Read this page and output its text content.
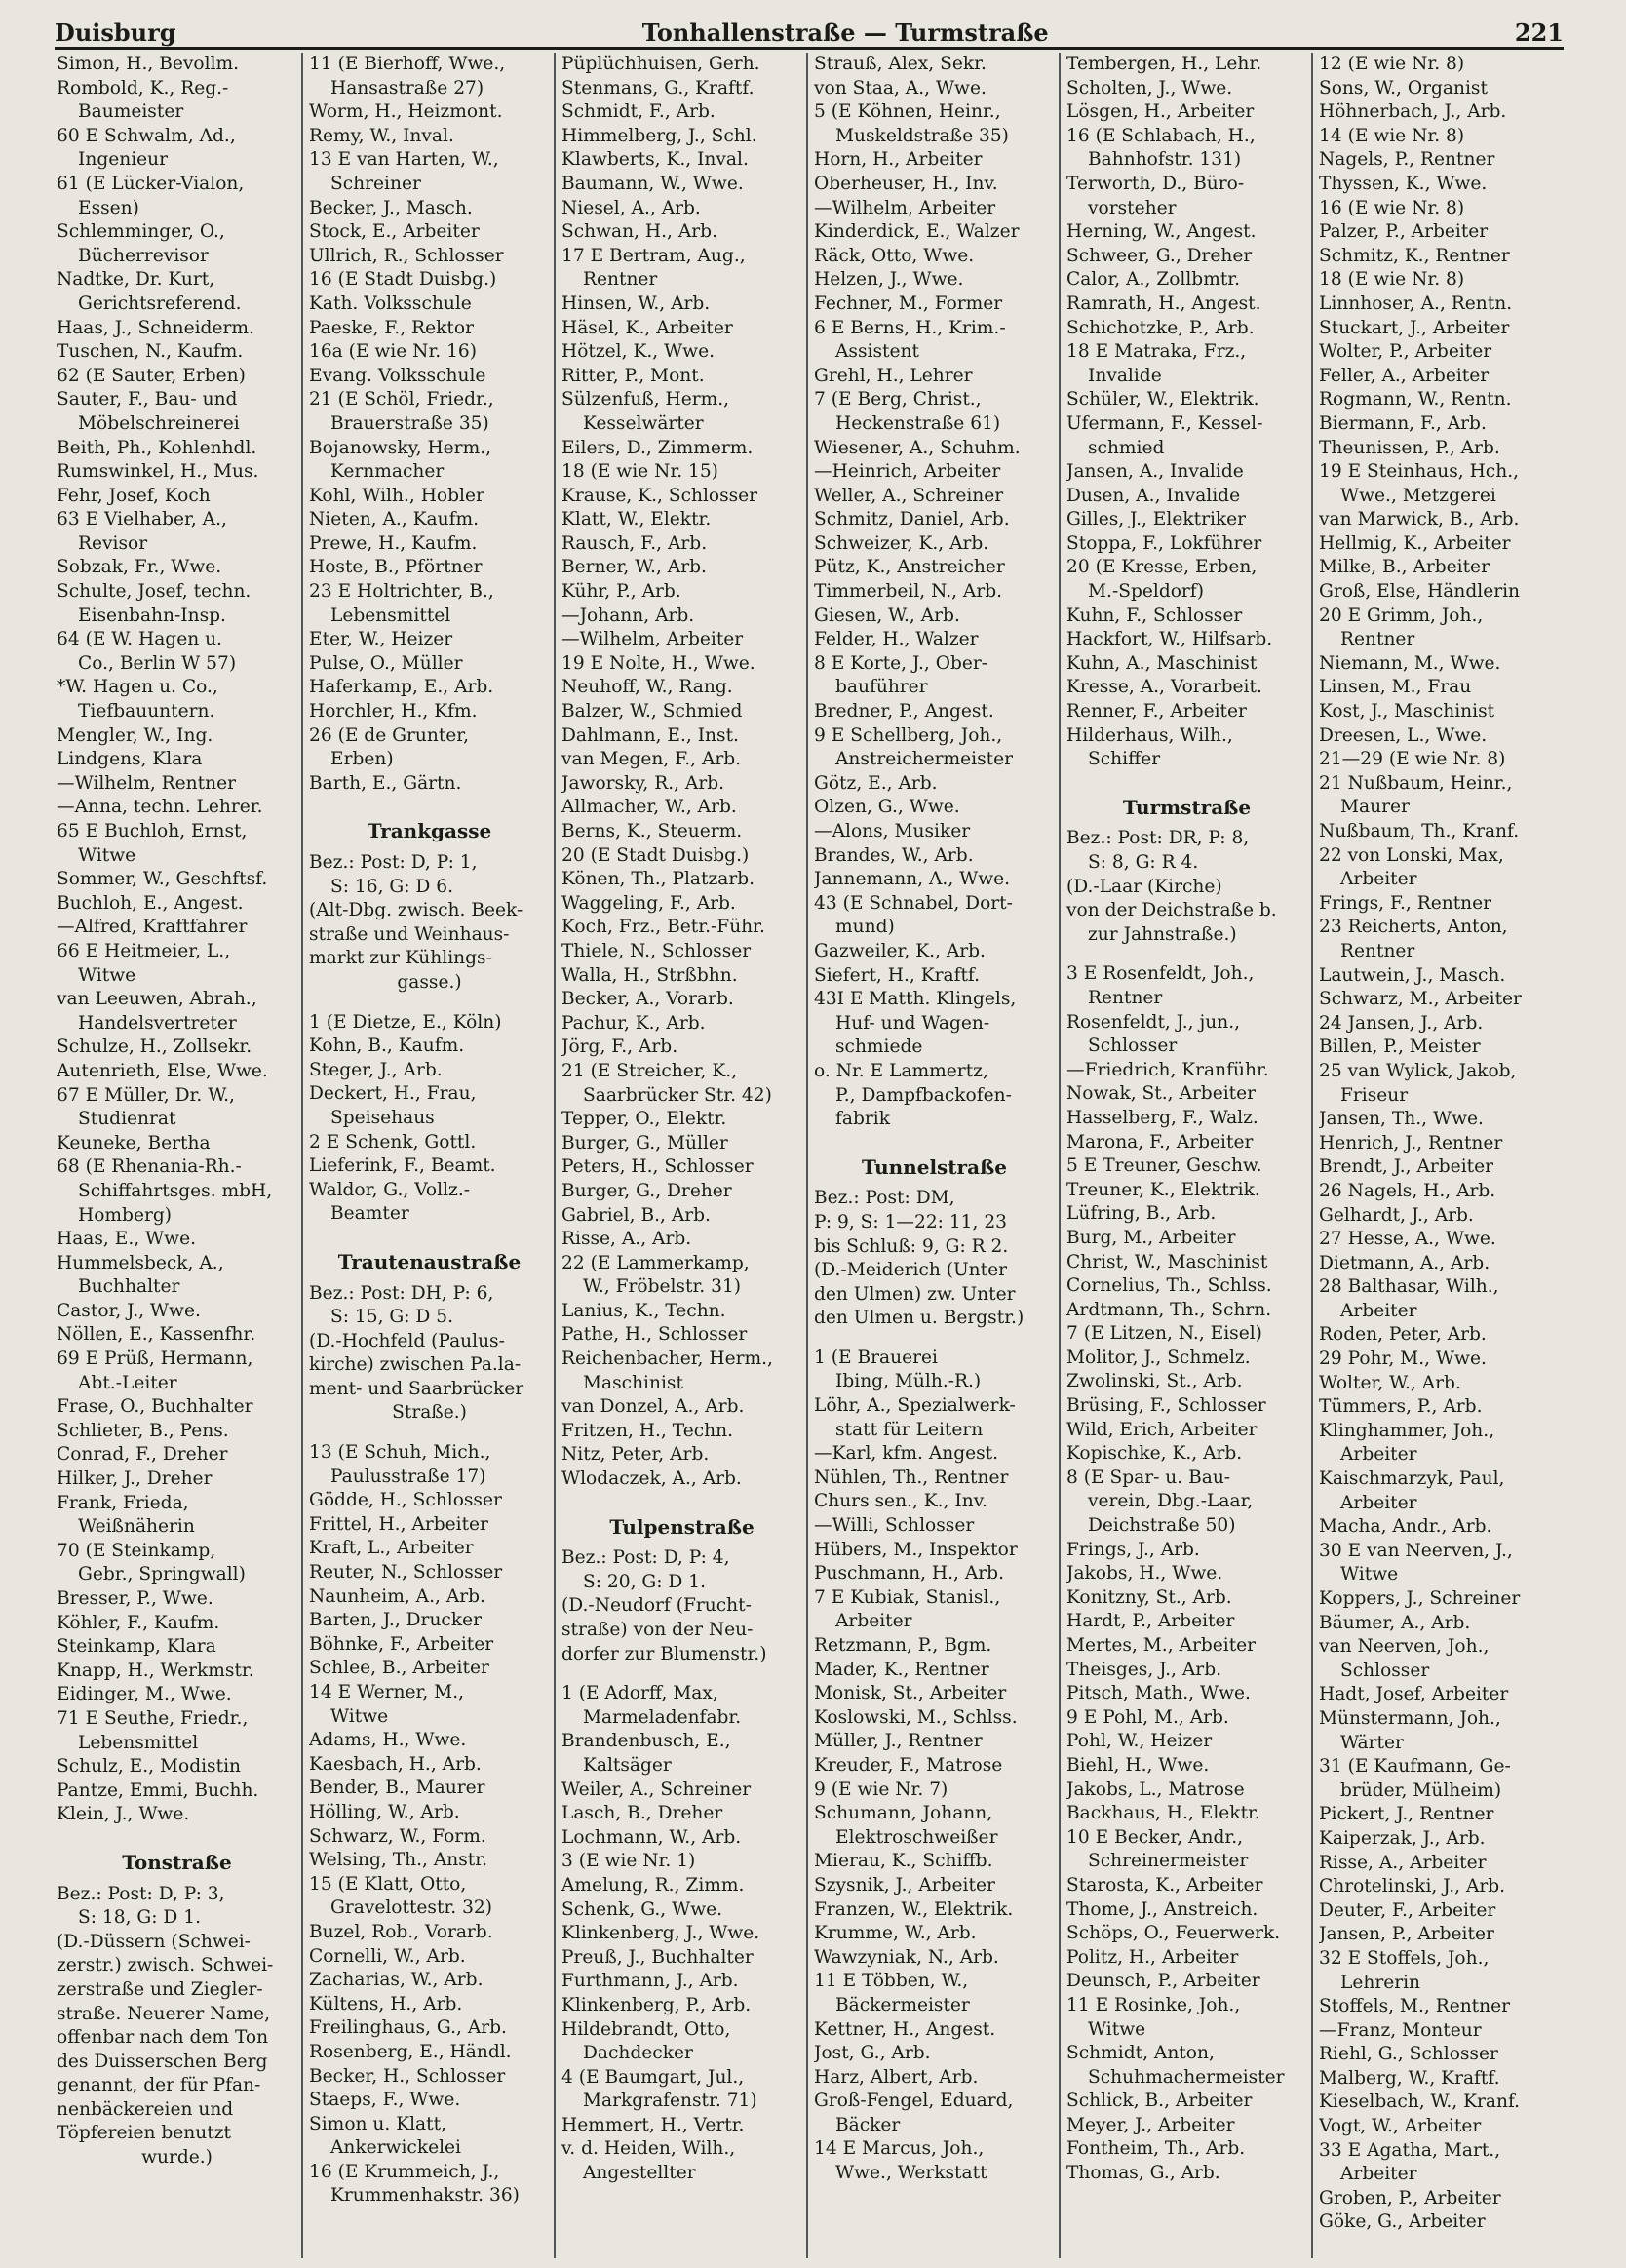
Duisburg	Tonhallenstraße — Turmstraße	221
Simon, H., Bevollm.
Rombold, K., Reg.-
Baumeister
60 E Schwalm, Ad.,
Ingenieur
61 (E Lücker-Vialon,
Essen)
Schlemminger, O.,
Bücherrevisor
Nadtke, Dr. Kurt,
Gerichtsreferend.
Haas, J., Schneiderm.
Tuschen, N., Kaufm.
62 (E Sauter, Erben)
Sauter, F., Bau- und
Möbelschreinerei
Beith, Ph., Kohlenhdl.
Rumswinkel, H., Mus.
Fehr, Josef, Koch
63 E Vielhaber, A.,
Revisor
Sobzak, Fr., Wwe.
Schulte, Josef, techn.
Eisenbahn-Insp.
64 (E W. Hagen u.
Co., Berlin W 57)
*W. Hagen u. Co.,
Tiefbauuntern.
Mengler, W., Ing.
Lindgens, Klara
—Wilhelm, Rentner
—Anna, techn. Lehrer.
65 E Buchloh, Ernst,
Witwe
Sommer, W., Geschftsf.
Buchloh, E., Angest.
—Alfred, Kraftfahrer
66 E Heitmeier, L.,
Witwe
van Leeuwen, Abrah.,
Handelsvertreter
Schulze, H., Zollsekr.
Autenrieth, Else, Wwe.
67 E Müller, Dr. W.,
Studienrat
Keuneke, Bertha
68 (E Rhenania-Rh.-
Schiffahrtsges. mbH,
Homberg)
Haas, E., Wwe.
Hummelsbeck, A.,
Buchhalter
Castor, J., Wwe.
Nöllen, E., Kassenfhr.
69 E Prüß, Hermann,
Abt.-Leiter
Frase, O., Buchhalter
Schlieter, B., Pens.
Conrad, F., Dreher
Hilker, J., Dreher
Frank, Frieda,
Weißnäherin
70 (E Steinkamp,
Gebr., Springwall)
Bresser, P., Wwe.
Köhler, F., Kaufm.
Steinkamp, Klara
Knapp, H., Werkmstr.
Eidinger, M., Wwe.
71 E Seuthe, Friedr.,
Lebensmittel
Schulz, E., Modistin
Pantze, Emmi, Buchh.
Klein, J., Wwe.
Tonstraße
Bez.: Post: D, P: 3,
S: 18, G: D 1.
(D.-Düssern (Schwei-
zerstr.) zwisch. Schwei-
zerstraße und Ziegler-
straße. Neuerer Name,
offenbar nach dem Ton
des Duisserschen Berg
genannt, der für Pfan-
nenbäckereien und
Töpfereien benutzt
wurde.)
11 (E Bierhoff, Wwe.,
Hansastraße 27)
Worm, H., Heizmont.
Remy, W., Inval.
13 E van Harten, W.,
Schreiner
Becker, J., Masch.
Stock, E., Arbeiter
Ullrich, R., Schlosser
16 (E Stadt Duisbg.)
Kath. Volksschule
Paeske, F., Rektor
16a (E wie Nr. 16)
Evang. Volksschule
21 (E Schöl, Friedr.,
Brauerstraße 35)
Bojanowsky, Herm.,
Kernmacher
Kohl, Wilh., Hobler
Nieten, A., Kaufm.
Prewe, H., Kaufm.
Hoste, B., Pförtner
23 E Holtrichter, B.,
Lebensmittel
Eter, W., Heizer
Pulse, O., Müller
Haferkamp, E., Arb.
Horchler, H., Kfm.
26 (E de Grunter,
Erben)
Barth, E., Gärtn.
Trankgasse
Bez.: Post: D, P: 1,
S: 16, G: D 6.
(Alt-Dbg. zwisch. Beek-
straße und Weinhaus-
markt zur Kühlings-
gasse.)
1 (E Dietze, E., Köln)
Kohn, B., Kaufm.
Steger, J., Arb.
Deckert, H., Frau,
Speisehaus
2 E Schenk, Gottl.
Lieferink, F., Beamt.
Waldor, G., Vollz.-
Beamter
Trautenaustraße
Bez.: Post: DH, P: 6,
S: 15, G: D 5.
(D.-Hochfeld (Paulus-
kirche) zwischen Pa.la-
ment- und Saarbrücker
Straße.)
13 (E Schuh, Mich.,
Paulusstraße 17)
Gödde, H., Schlosser
Frittel, H., Arbeiter
Kraft, L., Arbeiter
Reuter, N., Schlosser
Naunheim, A., Arb.
Barten, J., Drucker
Böhnke, F., Arbeiter
Schlee, B., Arbeiter
14 E Werner, M.,
Witwe
Adams, H., Wwe.
Kaesbach, H., Arb.
Bender, B., Maurer
Hölling, W., Arb.
Schwarz, W., Form.
Welsing, Th., Anstr.
15 (E Klatt, Otto,
Gravelottestr. 32)
Buzel, Rob., Vorarb.
Cornelli, W., Arb.
Zacharias, W., Arb.
Kültens, H., Arb.
Freilinghaus, G., Arb.
Rosenberg, E., Händl.
Becker, H., Schlosser
Staeps, F., Wwe.
Simon u. Klatt,
Ankerwickelei
16 (E Krummeich, J.,
Krummenhakstr. 36)
Püplüchhuisen, Gerh.
Stenmans, G., Kraftf.
Schmidt, F., Arb.
Himmelberg, J., Schl.
Klawberts, K., Inval.
Baumann, W., Wwe.
Niesel, A., Arb.
Schwan, H., Arb.
17 E Bertram, Aug.,
Rentner
Hinsen, W., Arb.
Häsel, K., Arbeiter
Hötzel, K., Wwe.
Ritter, P., Mont.
Sülzenfuß, Herm.,
Kesselwärter
Eilers, D., Zimmerm.
18 (E wie Nr. 15)
Krause, K., Schlosser
Klatt, W., Elektr.
Rausch, F., Arb.
Berner, W., Arb.
Kühr, P., Arb.
—Johann, Arb.
—Wilhelm, Arbeiter
19 E Nolte, H., Wwe.
Neuhoff, W., Rang.
Balzer, W., Schmied
Dahlmann, E., Inst.
van Megen, F., Arb.
Jaworsky, R., Arb.
Allmacher, W., Arb.
Berns, K., Steuerm.
20 (E Stadt Duisbg.)
Könen, Th., Platzarb.
Waggeling, F., Arb.
Koch, Frz., Betr.-Führ.
Thiele, N., Schlosser
Walla, H., Strßbhn.
Becker, A., Vorarb.
Pachur, K., Arb.
Jörg, F., Arb.
21 (E Streicher, K.,
Saarbrücker Str. 42)
Tepper, O., Elektr.
Burger, G., Müller
Peters, H., Schlosser
Burger, G., Dreher
Gabriel, B., Arb.
Risse, A., Arb.
22 (E Lammerkamp,
W., Fröbelstr. 31)
Lanius, K., Techn.
Pathe, H., Schlosser
Reichenbacher, Herm.,
Maschinist
van Donzel, A., Arb.
Fritzen, H., Techn.
Nitz, Peter, Arb.
Wlodaczek, A., Arb.
Tulpenstraße
Bez.: Post: D, P: 4,
S: 20, G: D 1.
(D.-Neudorf (Frucht-
straße) von der Neu-
dorfer zur Blumenstr.)
1 (E Adorff, Max,
Marmeladenfabr.
Brandenbusch, E.,
Kaltsäger
Weiler, A., Schreiner
Lasch, B., Dreher
Lochmann, W., Arb.
3 (E wie Nr. 1)
Amelung, R., Zimm.
Schenk, G., Wwe.
Klinkenberg, J., Wwe.
Preuß, J., Buchhalter
Furthmann, J., Arb.
Klinkenberg, P., Arb.
Hildebrandt, Otto,
Dachdecker
4 (E Baumgart, Jul.,
Markgrafenstr. 71)
Hemmert, H., Vertr.
v. d. Heiden, Wilh.,
Angestellter
Strauß, Alex, Sekr.
von Staa, A., Wwe.
5 (E Köhnen, Heinr.,
Muskeldstraße 35)
Horn, H., Arbeiter
Oberheuser, H., Inv.
—Wilhelm, Arbeiter
Kinderdick, E., Walzer
Räck, Otto, Wwe.
Helzen, J., Wwe.
Fechner, M., Former
6 E Berns, H., Krim.-
Assistent
Grehl, H., Lehrer
7 (E Berg, Christ.,
Heckenstraße 61)
Wiesener, A., Schuhm.
—Heinrich, Arbeiter
Weller, A., Schreiner
Schmitz, Daniel, Arb.
Schweizer, K., Arb.
Pütz, K., Anstreicher
Timmerbeil, N., Arb.
Giesen, W., Arb.
Felder, H., Walzer
8 E Korte, J., Ober-
bauführer
Bredner, P., Angest.
9 E Schellberg, Joh.,
Anstreichermeister
Götz, E., Arb.
Olzen, G., Wwe.
—Alons, Musiker
Brandes, W., Arb.
Jannemann, A., Wwe.
43 (E Schnabel, Dort-
mund)
Gazweiler, K., Arb.
Siefert, H., Kraftf.
43I E Matth. Klingels,
Huf- und Wagen-
schmiede
o. Nr. E Lammertz,
P., Dampfbackofen-
fabrik
Tunnelstraße
Bez.: Post: DM,
P: 9, S: 1—22: 11, 23
bis Schluß: 9, G: R 2.
(D.-Meiderich (Unter
den Ulmen) zw. Unter
den Ulmen u. Bergstr.)
1 (E Brauerei
Ibing, Mülh.-R.)
Löhr, A., Spezialwerk-
statt für Leitern
—Karl, kfm. Angest.
Nühlen, Th., Rentner
Churs sen., K., Inv.
—Willi, Schlosser
Hübers, M., Inspektor
Puschmann, H., Arb.
7 E Kubiak, Stanisl.,
Arbeiter
Retzmann, P., Bgm.
Mader, K., Rentner
Monisk, St., Arbeiter
Koslowski, M., Schlss.
Müller, J., Rentner
Kreuder, F., Matrose
9 (E wie Nr. 7)
Schumann, Johann,
Elektroschweißer
Mierau, K., Schiffb.
Szysnik, J., Arbeiter
Franzen, W., Elektrik.
Krumme, W., Arb.
Wawzyniak, N., Arb.
11 E Többen, W.,
Bäckermeister
Kettner, H., Angest.
Jost, G., Arb.
Harz, Albert, Arb.
Groß-Fengel, Eduard,
Bäcker
14 E Marcus, Joh.,
Wwe., Werkstatt
Tembergen, H., Lehr.
Scholten, J., Wwe.
Lösgen, H., Arbeiter
16 (E Schlabach, H.,
Bahnhofstr. 131)
Terworth, D., Büro-
vorsteher
Herning, W., Angest.
Schweer, G., Dreher
Calor, A., Zollbmtr.
Ramrath, H., Angest.
Schichotzke, P., Arb.
18 E Matraka, Frz.,
Invalide
Schüler, W., Elektrik.
Ufermann, F., Kessel-
schmied
Jansen, A., Invalide
Dusen, A., Invalide
Gilles, J., Elektriker
Stoppa, F., Lokführer
20 (E Kresse, Erben,
M.-Speldorf)
Kuhn, F., Schlosser
Hackfort, W., Hilfsarb.
Kuhn, A., Maschinist
Kresse, A., Vorarbeit.
Renner, F., Arbeiter
Hilderhaus, Wilh.,
Schiffer
Turmstraße
Bez.: Post: DR, P: 8,
S: 8, G: R 4.
(D.-Laar (Kirche)
von der Deichstraße b.
zur Jahnstraße.)
3 E Rosenfeldt, Joh.,
Rentner
Rosenfeldt, J., jun.,
Schlosser
—Friedrich, Kranführ.
Nowak, St., Arbeiter
Hasselberg, F., Walz.
Marona, F., Arbeiter
5 E Treuner, Geschw.
Treuner, K., Elektrik.
Lüfring, B., Arb.
Burg, M., Arbeiter
Christ, W., Maschinist
Cornelius, Th., Schlss.
Ardtmann, Th., Schrn.
7 (E Litzen, N., Eisel)
Molitor, J., Schmelz.
Zwolinski, St., Arb.
Brüsing, F., Schlosser
Wild, Erich, Arbeiter
Kopischke, K., Arb.
8 (E Spar- u. Bau-
verein, Dbg.-Laar,
Deichstraße 50)
Frings, J., Arb.
Jakobs, H., Wwe.
Konitzny, St., Arb.
Hardt, P., Arbeiter
Mertes, M., Arbeiter
Theisges, J., Arb.
Pitsch, Math., Wwe.
9 E Pohl, M., Arb.
Pohl, W., Heizer
Biehl, H., Wwe.
Jakobs, L., Matrose
Backhaus, H., Elektr.
10 E Becker, Andr.,
Schreinermeister
Starosta, K., Arbeiter
Thome, J., Anstreich.
Schöps, O., Feuerwerk.
Politz, H., Arbeiter
Deunsch, P., Arbeiter
11 E Rosinke, Joh.,
Witwe
Schmidt, Anton,
Schuhmachermeister
Schlick, B., Arbeiter
Meyer, J., Arbeiter
Fontheim, Th., Arb.
Thomas, G., Arb.
12 (E wie Nr. 8)
Sons, W., Organist
Höhnerbach, J., Arb.
14 (E wie Nr. 8)
Nagels, P., Rentner
Thyssen, K., Wwe.
16 (E wie Nr. 8)
Palzer, P., Arbeiter
Schmitz, K., Rentner
18 (E wie Nr. 8)
Linnhoser, A., Rentn.
Stuckart, J., Arbeiter
Wolter, P., Arbeiter
Feller, A., Arbeiter
Rogmann, W., Rentn.
Biermann, F., Arb.
Theunissen, P., Arb.
19 E Steinhaus, Hch.,
Wwe., Metzgerei
van Marwick, B., Arb.
Hellmig, K., Arbeiter
Milke, B., Arbeiter
Groß, Else, Händlerin
20 E Grimm, Joh.,
Rentner
Niemann, M., Wwe.
Linsen, M., Frau
Kost, J., Maschinist
Dreesen, L., Wwe.
21—29 (E wie Nr. 8)
21 Nußbaum, Heinr.,
Maurer
Nußbaum, Th., Kranf.
22 von Lonski, Max,
Arbeiter
Frings, F., Rentner
23 Reicherts, Anton,
Rentner
Lautwein, J., Masch.
Schwarz, M., Arbeiter
24 Jansen, J., Arb.
Billen, P., Meister
25 van Wylick, Jakob,
Friseur
Jansen, Th., Wwe.
Henrich, J., Rentner
Brendt, J., Arbeiter
26 Nagels, H., Arb.
Gelhardt, J., Arb.
27 Hesse, A., Wwe.
Dietmann, A., Arb.
28 Balthasar, Wilh.,
Arbeiter
Roden, Peter, Arb.
29 Pohr, M., Wwe.
Wolter, W., Arb.
Tümmers, P., Arb.
Klinghammer, Joh.,
Arbeiter
Kaischmarzyk, Paul,
Arbeiter
Macha, Andr., Arb.
30 E van Neerven, J.,
Witwe
Koppers, J., Schreiner
Bäumer, A., Arb.
van Neerven, Joh.,
Schlosser
Hadt, Josef, Arbeiter
Münstermann, Joh.,
Wärter
31 (E Kaufmann, Ge-
brüder, Mülheim)
Pickert, J., Rentner
Kaiperzak, J., Arb.
Risse, A., Arbeiter
Chrotelinski, J., Arb.
Deuter, F., Arbeiter
Jansen, P., Arbeiter
32 E Stoffels, Joh.,
Lehrerin
Stoffels, M., Rentner
—Franz, Monteur
Riehl, G., Schlosser
Malberg, W., Kraftf.
Kieselbach, W., Kranf.
Vogt, W., Arbeiter
33 E Agatha, Mart.,
Arbeiter
Groben, P., Arbeiter
Göke, G., Arbeiter
